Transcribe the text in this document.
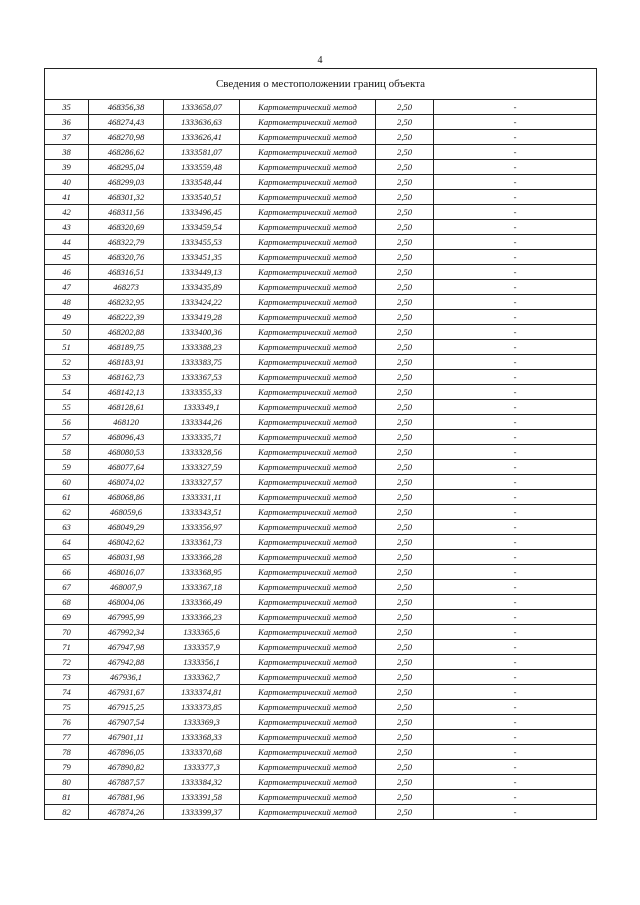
4
Сведения о местоположении границ объекта					
35	468356,38	1333658,07	Картометрический метод	2,50	-
36	468274,43	1333636,63	Картометрический метод	2,50	-
37	468270,98	1333626,41	Картометрический метод	2,50	-
38	468286,62	1333581,07	Картометрический метод	2,50	-
39	468295,04	1333559,48	Картометрический метод	2,50	-
40	468299,03	1333548,44	Картометрический метод	2,50	-
41	468301,32	1333540,51	Картометрический метод	2,50	-
42	468311,56	1333496,45	Картометрический метод	2,50	-
43	468320,69	1333459,54	Картометрический метод	2,50	-
44	468322,79	1333455,53	Картометрический метод	2,50	-
45	468320,76	1333451,35	Картометрический метод	2,50	-
46	468316,51	1333449,13	Картометрический метод	2,50	-
47	468273	1333435,89	Картометрический метод	2,50	-
48	468232,95	1333424,22	Картометрический метод	2,50	-
49	468222,39	1333419,28	Картометрический метод	2,50	-
50	468202,88	1333400,36	Картометрический метод	2,50	-
51	468189,75	1333388,23	Картометрический метод	2,50	-
52	468183,91	1333383,75	Картометрический метод	2,50	-
53	468162,73	1333367,53	Картометрический метод	2,50	-
54	468142,13	1333355,33	Картометрический метод	2,50	-
55	468128,61	1333349,1	Картометрический метод	2,50	-
56	468120	1333344,26	Картометрический метод	2,50	-
57	468096,43	1333335,71	Картометрический метод	2,50	-
58	468080,53	1333328,56	Картометрический метод	2,50	-
59	468077,64	1333327,59	Картометрический метод	2,50	-
60	468074,02	1333327,57	Картометрический метод	2,50	-
61	468068,86	1333331,11	Картометрический метод	2,50	-
62	468059,6	1333343,51	Картометрический метод	2,50	-
63	468049,29	1333356,97	Картометрический метод	2,50	-
64	468042,62	1333361,73	Картометрический метод	2,50	-
65	468031,98	1333366,28	Картометрический метод	2,50	-
66	468016,07	1333368,95	Картометрический метод	2,50	-
67	468007,9	1333367,18	Картометрический метод	2,50	-
68	468004,06	1333366,49	Картометрический метод	2,50	-
69	467995,99	1333366,23	Картометрический метод	2,50	-
70	467992,34	1333365,6	Картометрический метод	2,50	-
71	467947,98	1333357,9	Картометрический метод	2,50	-
72	467942,88	1333356,1	Картометрический метод	2,50	-
73	467936,1	1333362,7	Картометрический метод	2,50	-
74	467931,67	1333374,81	Картометрический метод	2,50	-
75	467915,25	1333373,85	Картометрический метод	2,50	-
76	467907,54	1333369,3	Картометрический метод	2,50	-
77	467901,11	1333368,33	Картометрический метод	2,50	-
78	467896,05	1333370,68	Картометрический метод	2,50	-
79	467890,82	1333377,3	Картометрический метод	2,50	-
80	467887,57	1333384,32	Картометрический метод	2,50	-
81	467881,96	1333391,58	Картометрический метод	2,50	-
82	467874,26	1333399,37	Картометрический метод	2,50	-
